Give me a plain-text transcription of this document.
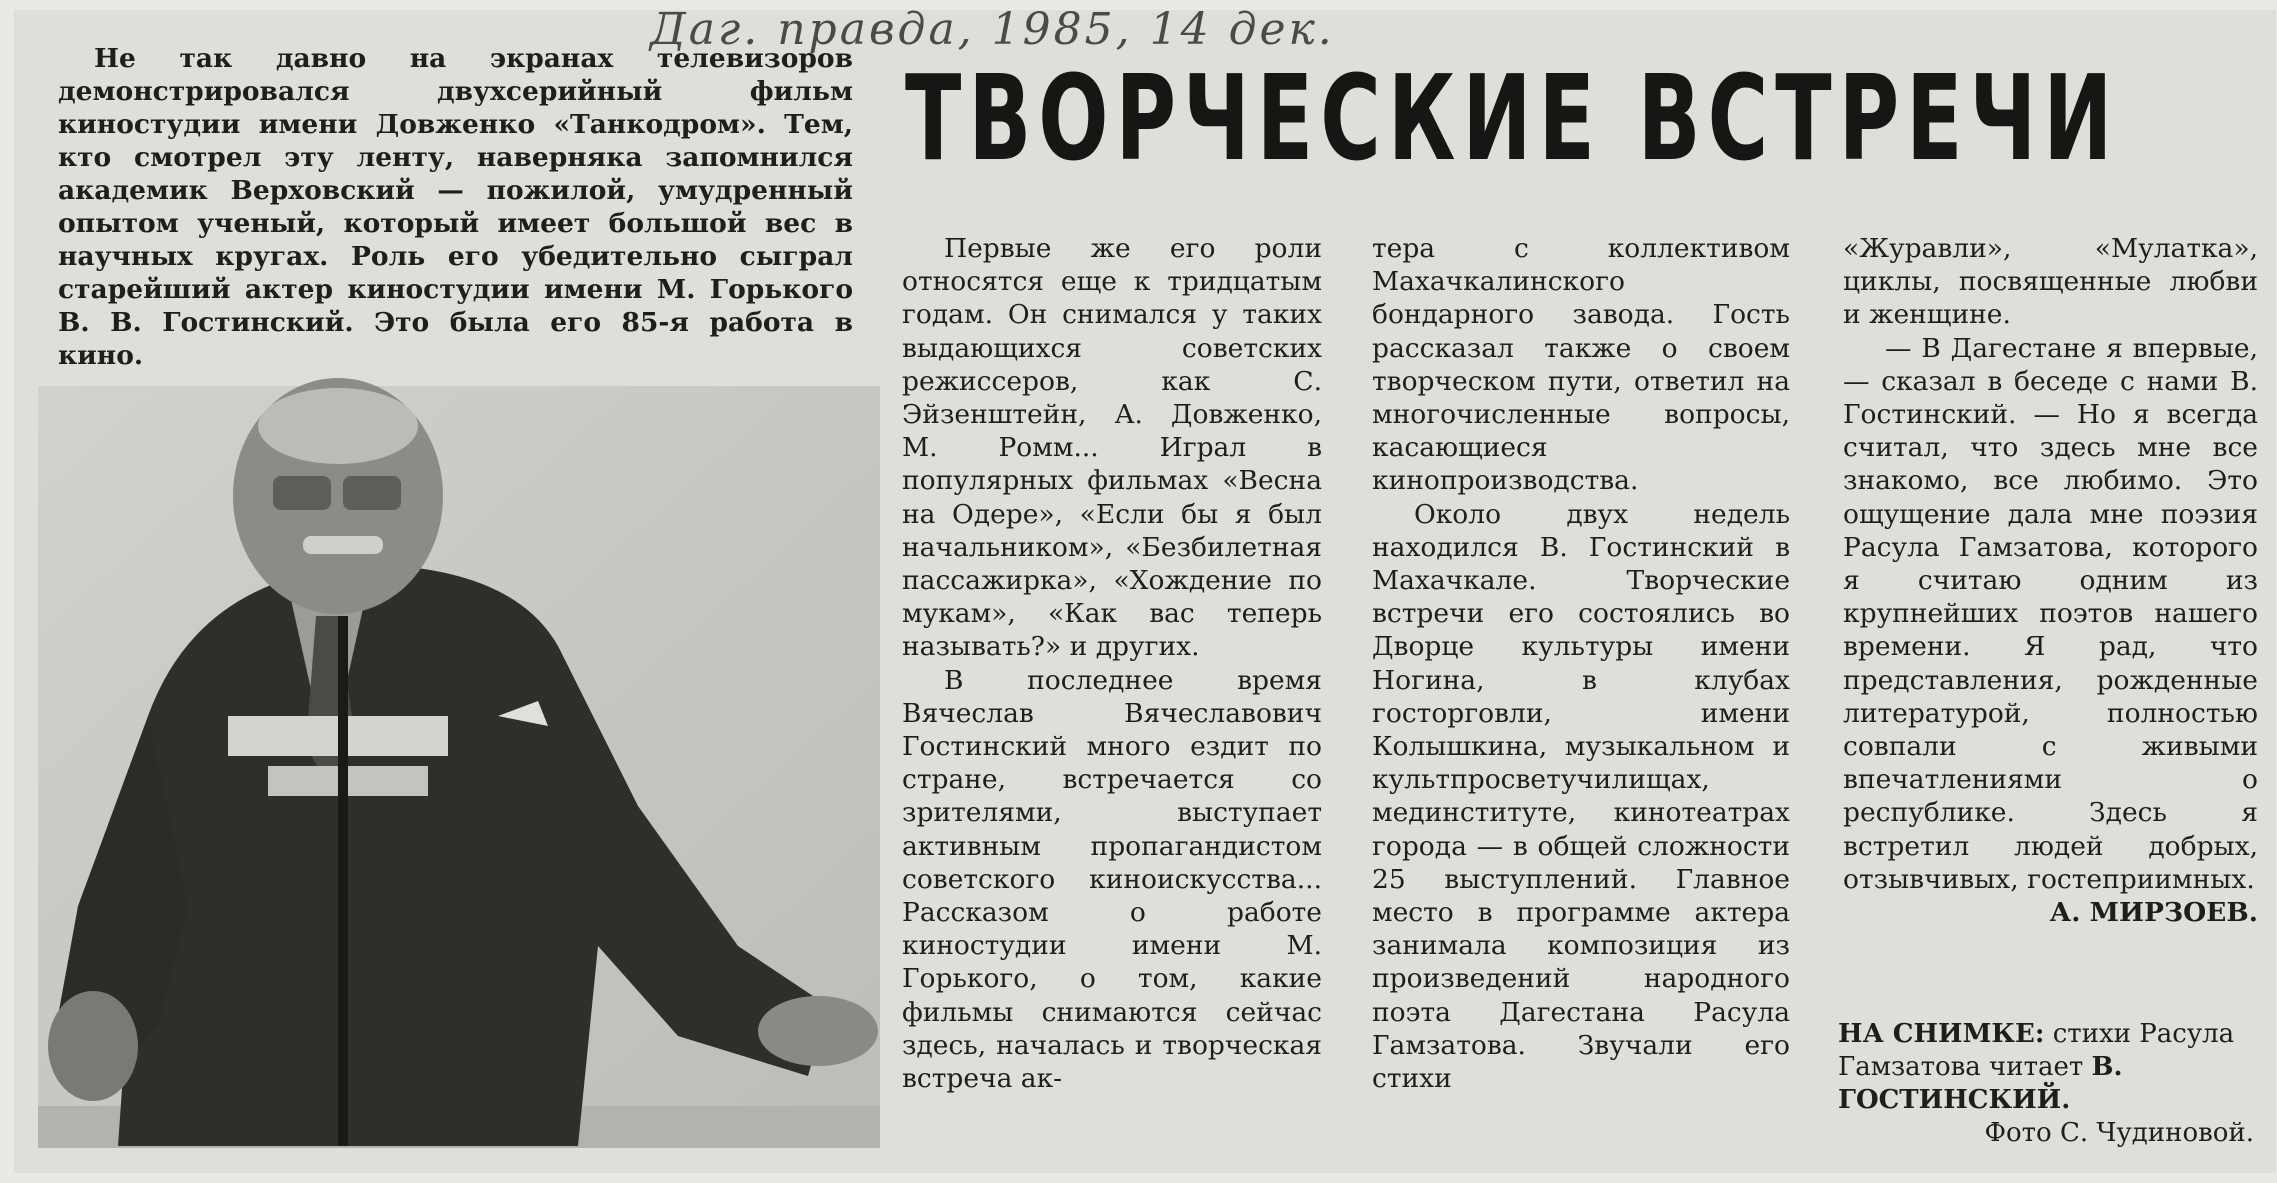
Даг. правда, 1985, 14 дек.
ТВОРЧЕСКИЕ ВСТРЕЧИ

Не так давно на экранах телевизоров демонстрировался двухсерийный фильм киностудии имени Довженко «Танкодром». Тем, кто смотрел эту ленту, наверняка запомнился академик Верховский — пожилой, умудренный опытом ученый, который имеет большой вес в научных кругах. Роль его убедительно сыграл старейший актер киностудии имени М. Горького В. В. Гостинский. Это была его 85-я работа в кино.

Первые же его роли относятся еще к тридцатым годам. Он снимался у таких выдающихся советских режиссеров, как С. Эйзенштейн, А. Довженко, М. Ромм... Играл в популярных фильмах «Весна на Одере», «Если бы я был начальником», «Безбилетная пассажирка», «Хождение по мукам», «Как вас теперь называть?» и других.

В последнее время Вячеслав Вячеславович Гостинский много ездит по стране, встречается со зрителями, выступает активным пропагандистом советского киноискусства... Рассказом о работе киностудии имени М. Горького, о том, какие фильмы снимаются сейчас здесь, началась и творческая встреча ак-

тера с коллективом Махачкалинского бондарного завода. Гость рассказал также о своем творческом пути, ответил на многочисленные вопросы, касающиеся кинопроизводства.

Около двух недель находился В. Гостинский в Махачкале. Творческие встречи его состоялись во Дворце культуры имени Ногина, в клубах госторговли, имени Колышкина, музыкальном и культпросветучилищах, мединституте, кинотеатрах города — в общей сложности 25 выступлений. Главное место в программе актера занимала композиция из произведений народного поэта Дагестана Расула Гамзатова. Звучали его стихи

«Журавли», «Мулатка», циклы, посвященные любви и женщине.

— В Дагестане я впервые, — сказал в беседе с нами В. Гостинский. — Но я всегда считал, что здесь мне все знакомо, все любимо. Это ощущение дала мне поэзия Расула Гамзатова, которого я считаю одним из крупнейших поэтов нашего времени. Я рад, что представления, рожденные литературой, полностью совпали с живыми впечатлениями о республике. Здесь я встретил людей добрых, отзывчивых, гостеприимных.

А. МИРЗОЕВ.

НА СНИМКЕ: стихи Расула Гамзатова читает В. ГОСТИНСКИЙ.
Фото С. Чудиновой.
